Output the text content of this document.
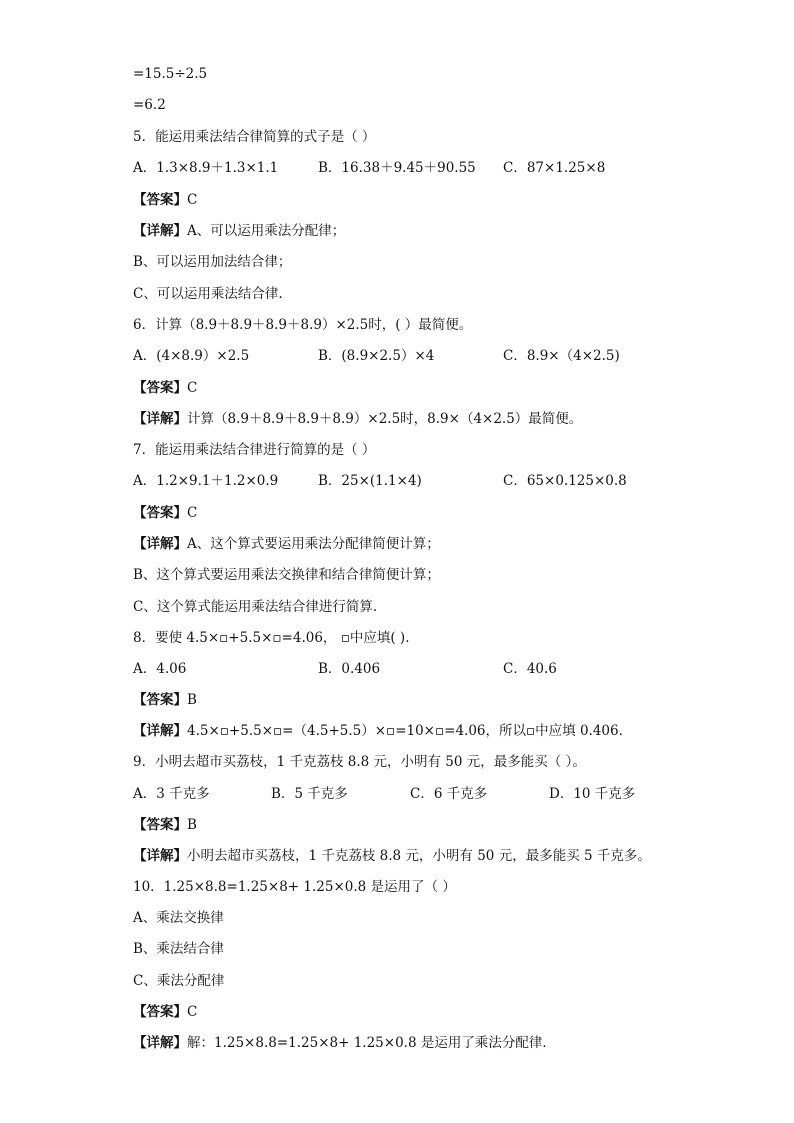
=15.5÷2.5
=6.2
5．能运用乘法结合律简算的式子是（ ）
A．1.3×8.9＋1.3×1.1	B．16.38＋9.45＋90.55 C．87×1.25×8
【答案】C
【详解】A、可以运用乘法分配律；
B、可以运用加法结合律；
C、可以运用乘法结合律.
6．计算（8.9＋8.9＋8.9＋8.9）×2.5时，( ）最简便。
A．(4×8.9）×2.5	B．(8.9×2.5）×4	C．8.9×（4×2.5)
【答案】C
【详解】计算（8.9＋8.9＋8.9＋8.9）×2.5时，8.9×（4×2.5）最简便。
7．能运用乘法结合律进行简算的是（ ）
A．1.2×9.1＋1.2×0.9	B．25×(1.1×4)	C．65×0.125×0.8
【答案】C
【详解】A、这个算式要运用乘法分配律简便计算；
B、这个算式要运用乘法交换律和结合律简便计算；
C、这个算式能运用乘法结合律进行简算.
8．要使 4.5×▫+5.5×▫=4.06， ▫中应填( ).
A．4.06	B．0.406	C．40.6
【答案】B
【详解】4.5×▫+5.5×▫=（4.5+5.5）×▫=10×▫=4.06，所以▫中应填 0.406．
9．小明去超市买荔枝，1 千克荔枝 8.8 元，小明有 50 元，最多能买（ ）。
A．3 千克多	B．5 千克多	C．6 千克多	D．10 千克多
【答案】B
【详解】小明去超市买荔枝，1 千克荔枝 8.8 元，小明有 50 元，最多能买 5 千克多。
10．1.25×8.8=1.25×8+ 1.25×0.8 是运用了（ ）
A、乘法交换律
B、乘法结合律
C、乘法分配律
【答案】C
【详解】解：1.25×8.8=1.25×8+ 1.25×0.8 是运用了乘法分配律．
